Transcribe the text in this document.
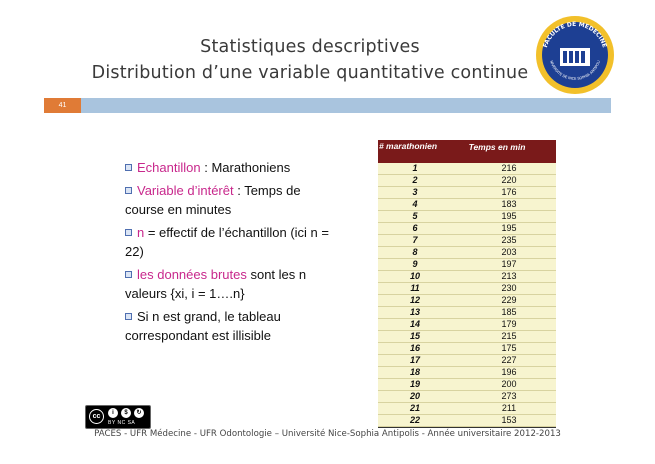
Statistiques descriptives
Distribution d’une variable quantitative continue
FACULTE DE MEDECINE
NIVERSITE DE NICE SOPHIA ANTIPOLI
41
Echantillon : Marathoniens
Variable d’intérêt : Temps de course en minutes
n = effectif de l’échantillon (ici n = 22)
les données brutes sont les n valeurs {xi, i = 1….n}
Si n est grand, le tableau correspondant est illisible
# marathonien	Temps en min
1	216
2	220
3	176
4	183
5	195
6	195
7	235
8	203
9	197
10	213
11	230
12	229
13	185
14	179
15	215
16	175
17	227
18	196
19	200
20	273
21	211
22	153
cc	i	$	↻
BY NC SA
PACES - UFR Médecine - UFR Odontologie – Université Nice-Sophia Antipolis - Année universitaire 2012-2013
